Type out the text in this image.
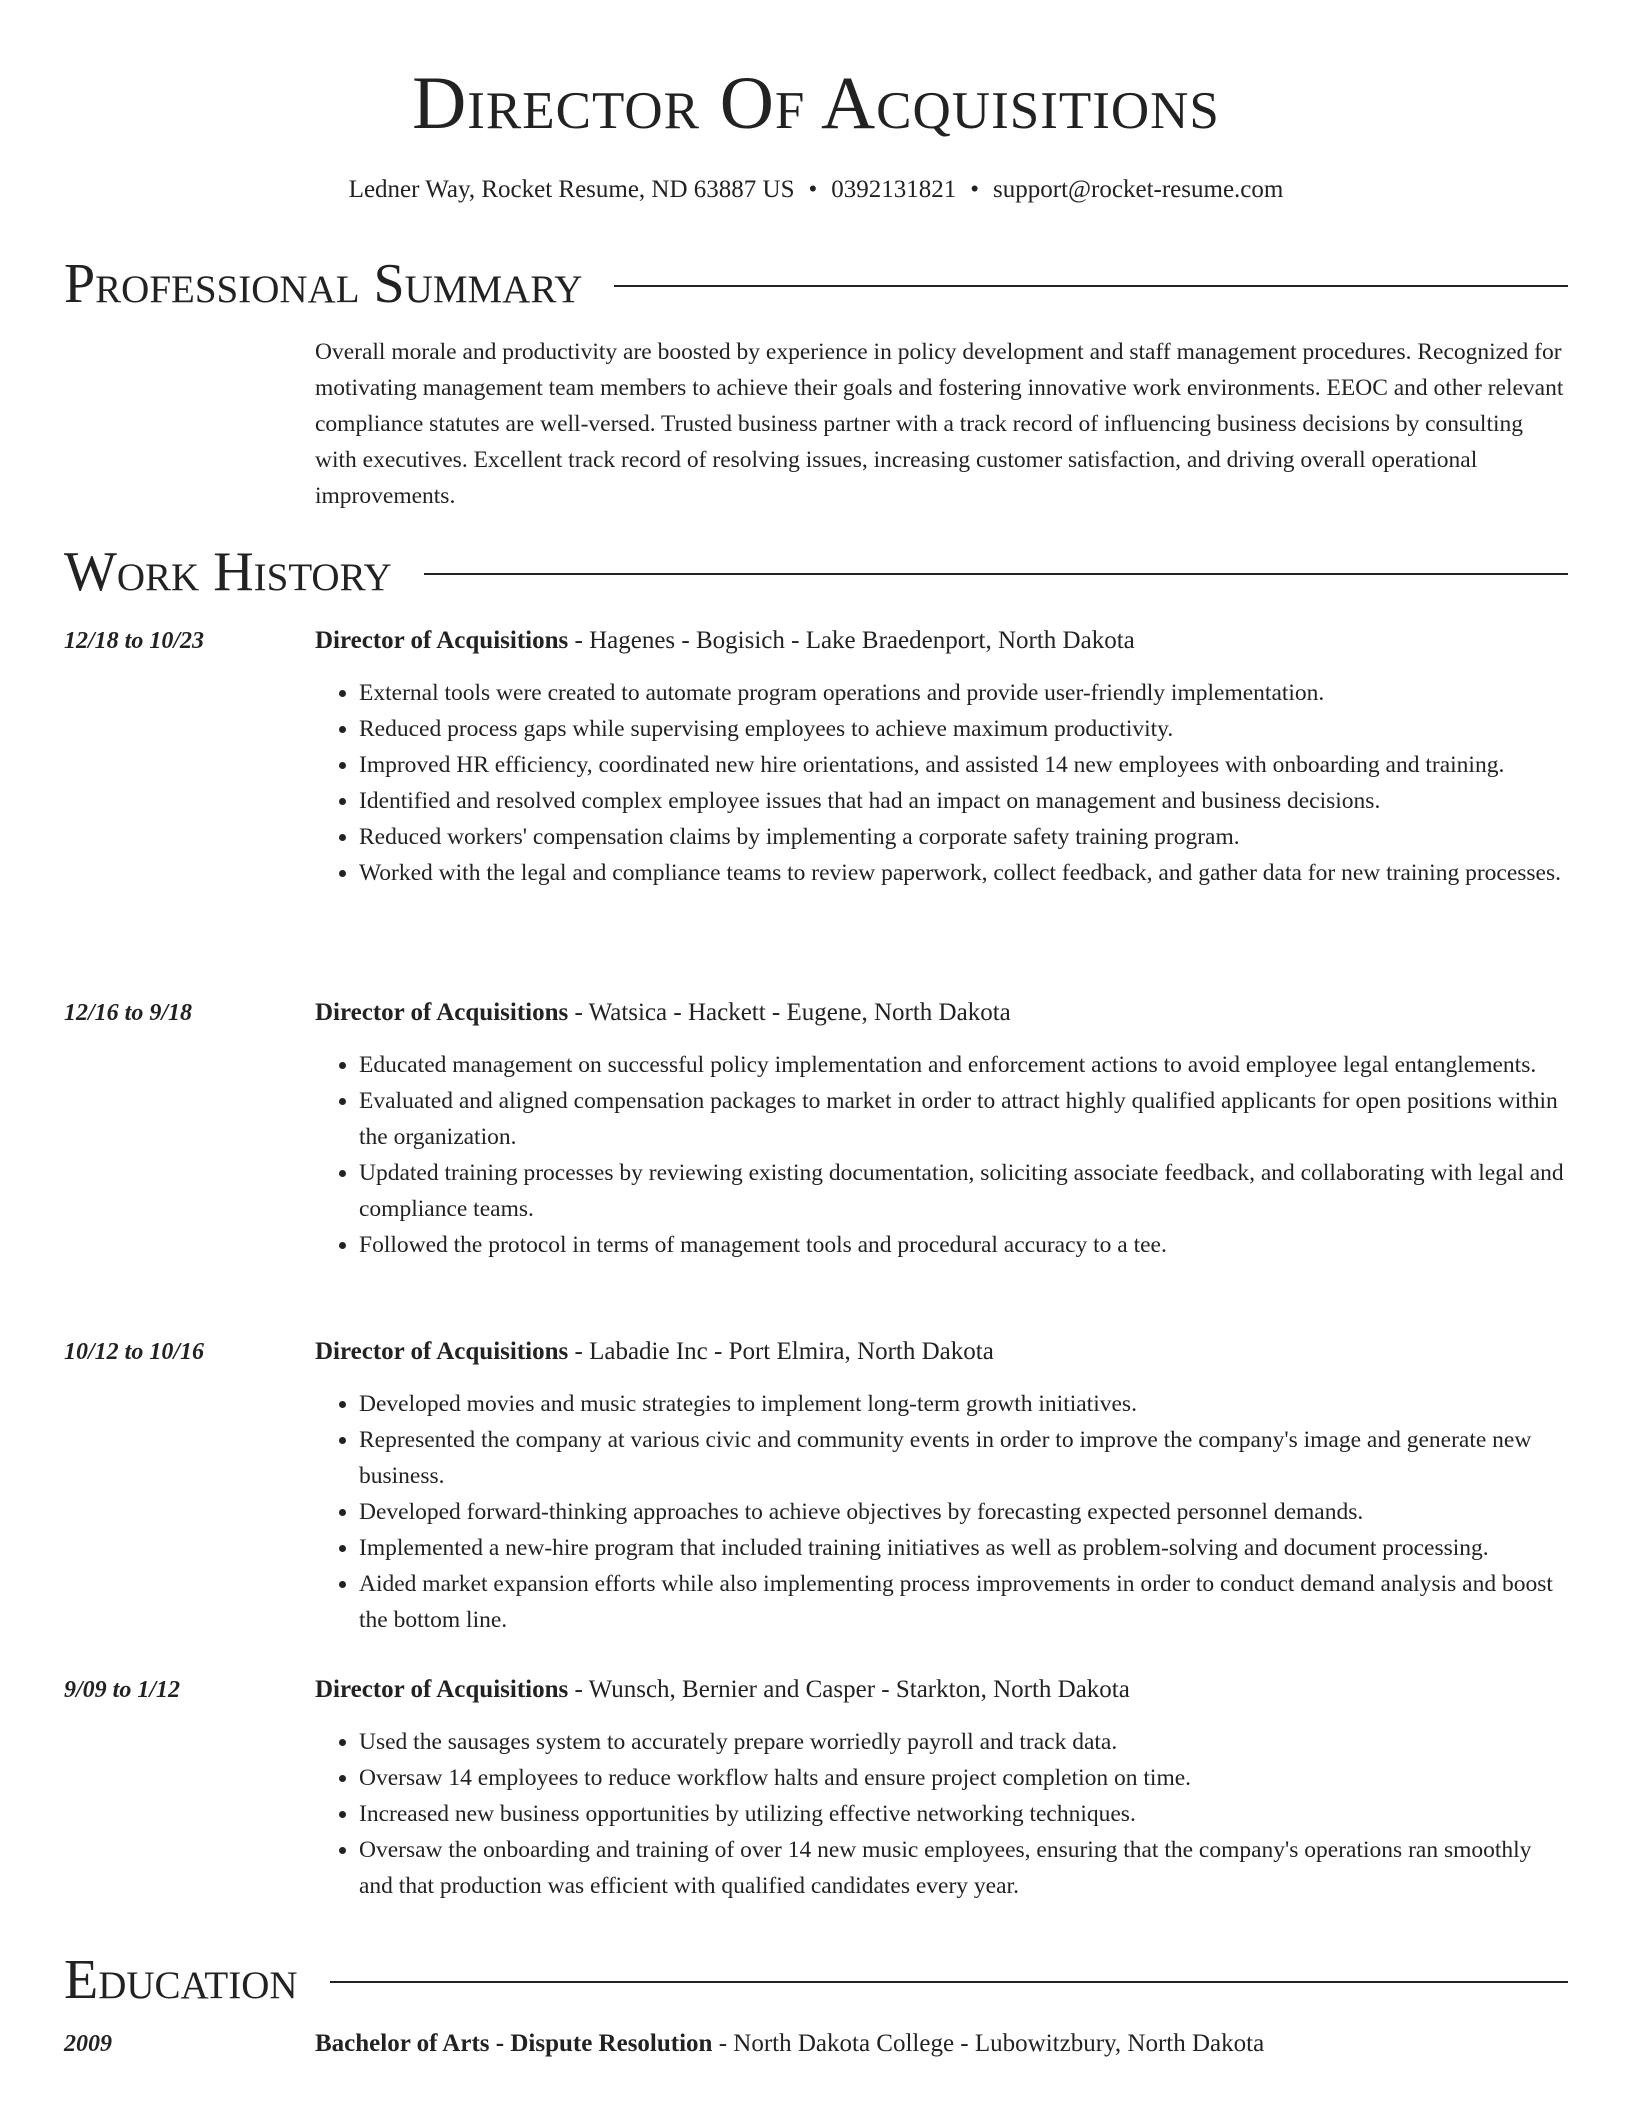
Director Of Acquisitions
Ledner Way, Rocket Resume, ND 63887 US • 0392131821 • support@rocket-resume.com
Professional Summary

Overall morale and productivity are boosted by experience in policy development and staff management procedures. Recognized for motivating management team members to achieve their goals and fostering innovative work environments. EEOC and other relevant compliance statutes are well-versed. Trusted business partner with a track record of influencing business decisions by consulting with executives. Excellent track record of resolving issues, increasing customer satisfaction, and driving overall operational improvements.

Work History
12/18 to 10/23	Director of Acquisitions - Hagenes - Bogisich - Lake Braedenport, North Dakota
• External tools were created to automate program operations and provide user-friendly implementation.
• Reduced process gaps while supervising employees to achieve maximum productivity.
• Improved HR efficiency, coordinated new hire orientations, and assisted 14 new employees with onboarding and training.
• Identified and resolved complex employee issues that had an impact on management and business decisions.
• Reduced workers' compensation claims by implementing a corporate safety training program.
• Worked with the legal and compliance teams to review paperwork, collect feedback, and gather data for new training processes.
12/16 to 9/18	Director of Acquisitions - Watsica - Hackett - Eugene, North Dakota
• Educated management on successful policy implementation and enforcement actions to avoid employee legal entanglements.
• Evaluated and aligned compensation packages to market in order to attract highly qualified applicants for open positions within the organization.
• Updated training processes by reviewing existing documentation, soliciting associate feedback, and collaborating with legal and compliance teams.
• Followed the protocol in terms of management tools and procedural accuracy to a tee.
10/12 to 10/16	Director of Acquisitions - Labadie Inc - Port Elmira, North Dakota
• Developed movies and music strategies to implement long-term growth initiatives.
• Represented the company at various civic and community events in order to improve the company's image and generate new business.
• Developed forward-thinking approaches to achieve objectives by forecasting expected personnel demands.
• Implemented a new-hire program that included training initiatives as well as problem-solving and document processing.
• Aided market expansion efforts while also implementing process improvements in order to conduct demand analysis and boost the bottom line.
9/09 to 1/12	Director of Acquisitions - Wunsch, Bernier and Casper - Starkton, North Dakota
• Used the sausages system to accurately prepare worriedly payroll and track data.
• Oversaw 14 employees to reduce workflow halts and ensure project completion on time.
• Increased new business opportunities by utilizing effective networking techniques.
• Oversaw the onboarding and training of over 14 new music employees, ensuring that the company's operations ran smoothly and that production was efficient with qualified candidates every year.
Education
2009	Bachelor of Arts - Dispute Resolution - North Dakota College - Lubowitzbury, North Dakota
